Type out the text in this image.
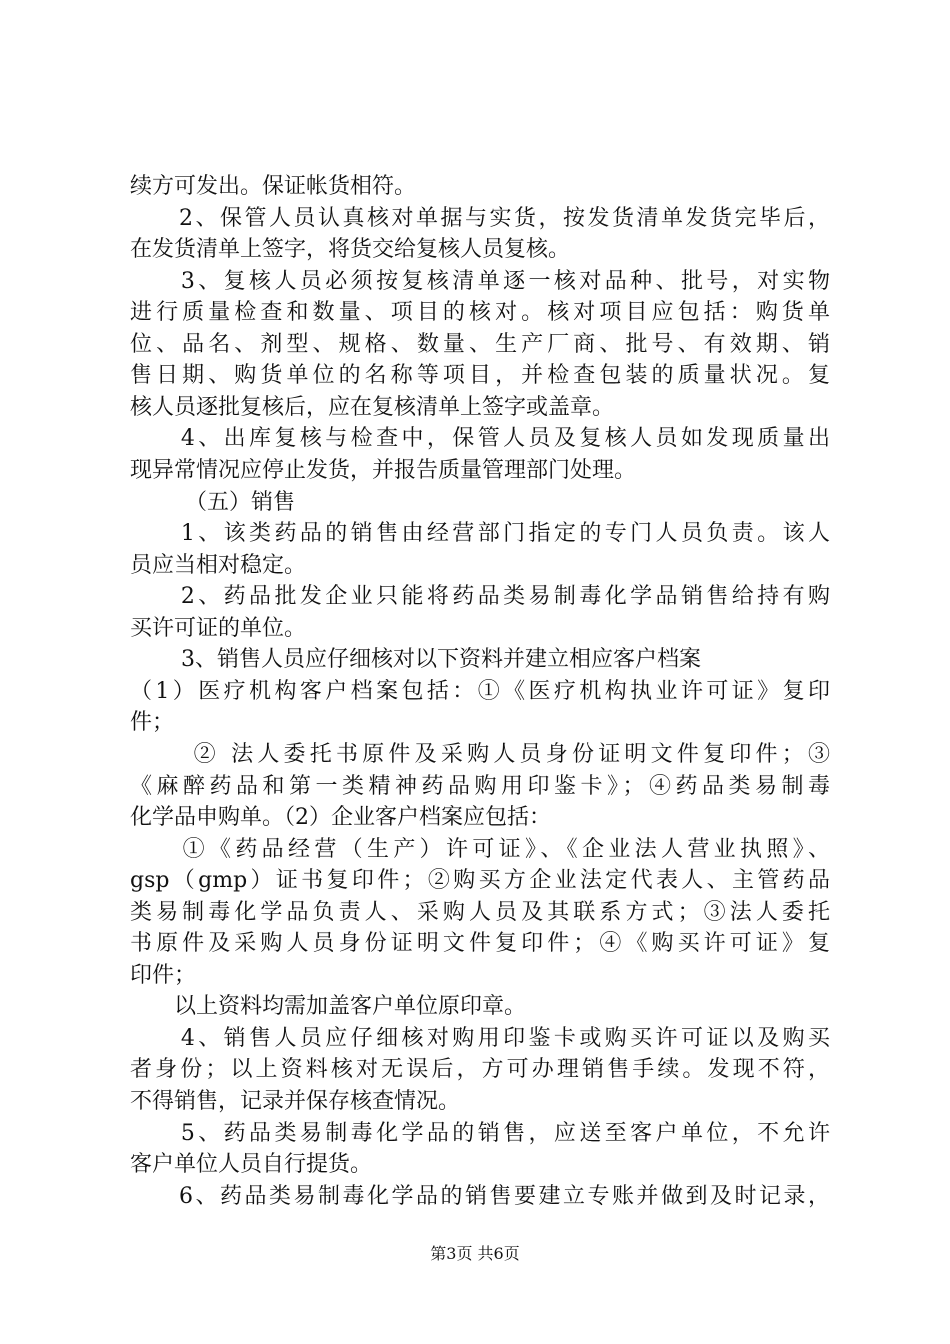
续方可发出。保证帐货相符。
　　2、保管人员认真核对单据与实货，按发货清单发货完毕后，
在发货清单上签字，将货交给复核人员复核。
　　3、复核人员必须按复核清单逐一核对品种、批号，对实物
进行质量检查和数量、项目的核对。核对项目应包括：购货单
位、品名、剂型、规格、数量、生产厂商、批号、有效期、销
售日期、购货单位的名称等项目，并检查包装的质量状况。复
核人员逐批复核后，应在复核清单上签字或盖章。
　　4、出库复核与检查中，保管人员及复核人员如发现质量出
现异常情况应停止发货，并报告质量管理部门处理。
　　　（五）销售
　　1、该类药品的销售由经营部门指定的专门人员负责。该人
员应当相对稳定。
　　2、药品批发企业只能将药品类易制毒化学品销售给持有购
买许可证的单位。
　　 3、销售人员应仔细核对以下资料并建立相应客户档案
（1）医疗机构客户档案包括：①《医疗机构执业许可证》复印
件；
　　 ② 法人委托书原件及采购人员身份证明文件复印件；③
《麻醉药品和第一类精神药品购用印鉴卡》；④药品类易制毒
化学品申购单。（2）企业客户档案应包括：
　　①《药品经营（生产）许可证》、《企业法人营业执照》、
gsp（gmp）证书复印件；②购买方企业法定代表人、主管药品
类易制毒化学品负责人、采购人员及其联系方式；③法人委托
书原件及采购人员身份证明文件复印件；④《购买许可证》复
印件；
　　以上资料均需加盖客户单位原印章。
　　4、销售人员应仔细核对购用印鉴卡或购买许可证以及购买
者身份；以上资料核对无误后，方可办理销售手续。发现不符，
不得销售，记录并保存核查情况。
　　5、药品类易制毒化学品的销售，应送至客户单位，不允许
客户单位人员自行提货。
　　6、药品类易制毒化学品的销售要建立专账并做到及时记录，
第3页 共6页
